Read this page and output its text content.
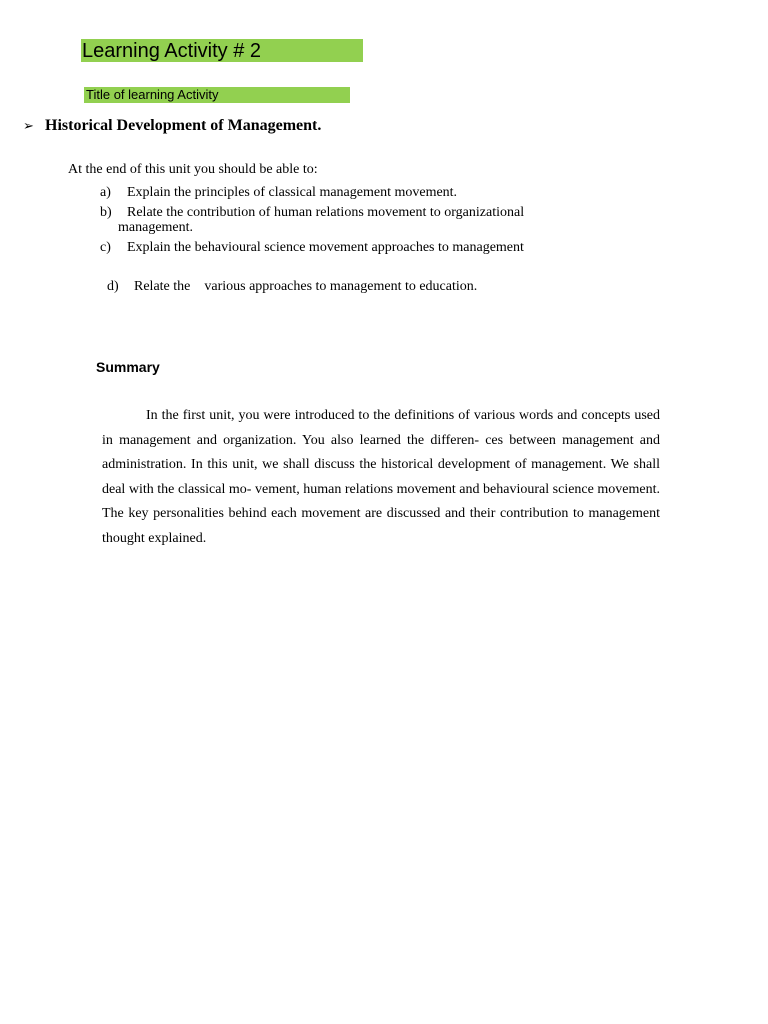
Learning Activity # 2
Title of learning Activity
➢ Historical Development of Management.
At the end of this unit you should be able to:
a) Explain the principles of classical management movement.
b) Relate the contribution of human relations movement to organizational
management.
c) Explain the behavioural science movement approaches to management

d) Relate the    various approaches to management to education.

Summary

In the first unit, you were introduced to the definitions of various words and concepts used in management and organization. You also learned the differen- ces between management and administration. In this unit, we shall discuss the historical development of management. We shall deal with the classical mo- vement, human relations movement and behavioural science movement. The key personalities behind each movement are discussed and their contribution to management thought explained.
